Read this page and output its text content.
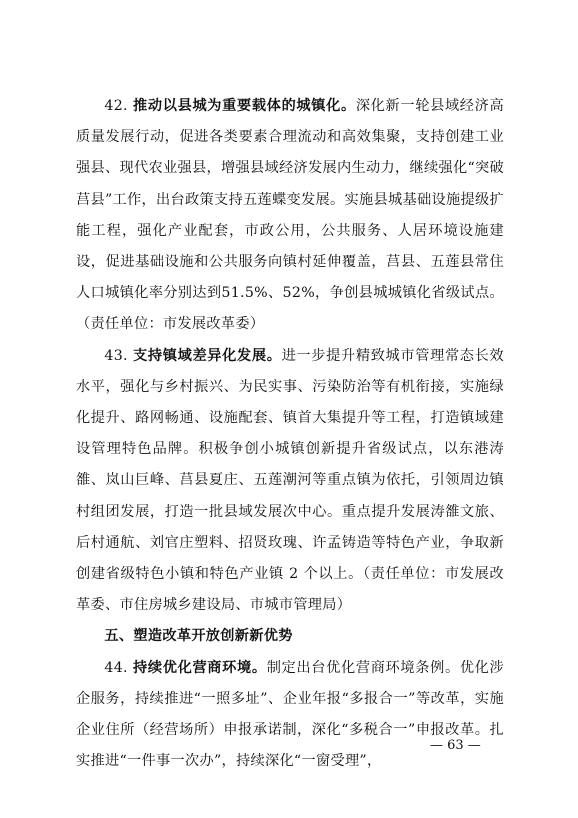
42. 推动以县城为重要载体的城镇化。深化新一轮县域经济高质量发展行动，促进各类要素合理流动和高效集聚，支持创建工业强县、现代农业强县，增强县域经济发展内生动力，继续强化“突破莒县”工作，出台政策支持五莲蝶变发展。实施县城基础设施提级扩能工程，强化产业配套，市政公用，公共服务、人居环境设施建设，促进基础设施和公共服务向镇村延伸覆盖，莒县、五莲县常住人口城镇化率分别达到51.5%、52%，争创县城城镇化省级试点。（责任单位：市发展改革委）

43. 支持镇域差异化发展。进一步提升精致城市管理常态长效水平，强化与乡村振兴、为民实事、污染防治等有机衔接，实施绿化提升、路网畅通、设施配套、镇首大集提升等工程，打造镇域建设管理特色品牌。积极争创小城镇创新提升省级试点，以东港涛雒、岚山巨峰、莒县夏庄、五莲潮河等重点镇为依托，引领周边镇村组团发展，打造一批县域发展次中心。重点提升发展涛雒文旅、后村通航、刘官庄塑料、招贤玫瑰、许孟铸造等特色产业，争取新创建省级特色小镇和特色产业镇 2 个以上。（责任单位：市发展改革委、市住房城乡建设局、市城市管理局）

五、塑造改革开放创新新优势

44. 持续优化营商环境。制定出台优化营商环境条例。优化涉企服务，持续推进“一照多址”、企业年报“多报合一”等改革，实施企业住所（经营场所）申报承诺制，深化“多税合一”申报改革。扎实推进“一件事一次办”，持续深化“一窗受理”，

— 63 —
